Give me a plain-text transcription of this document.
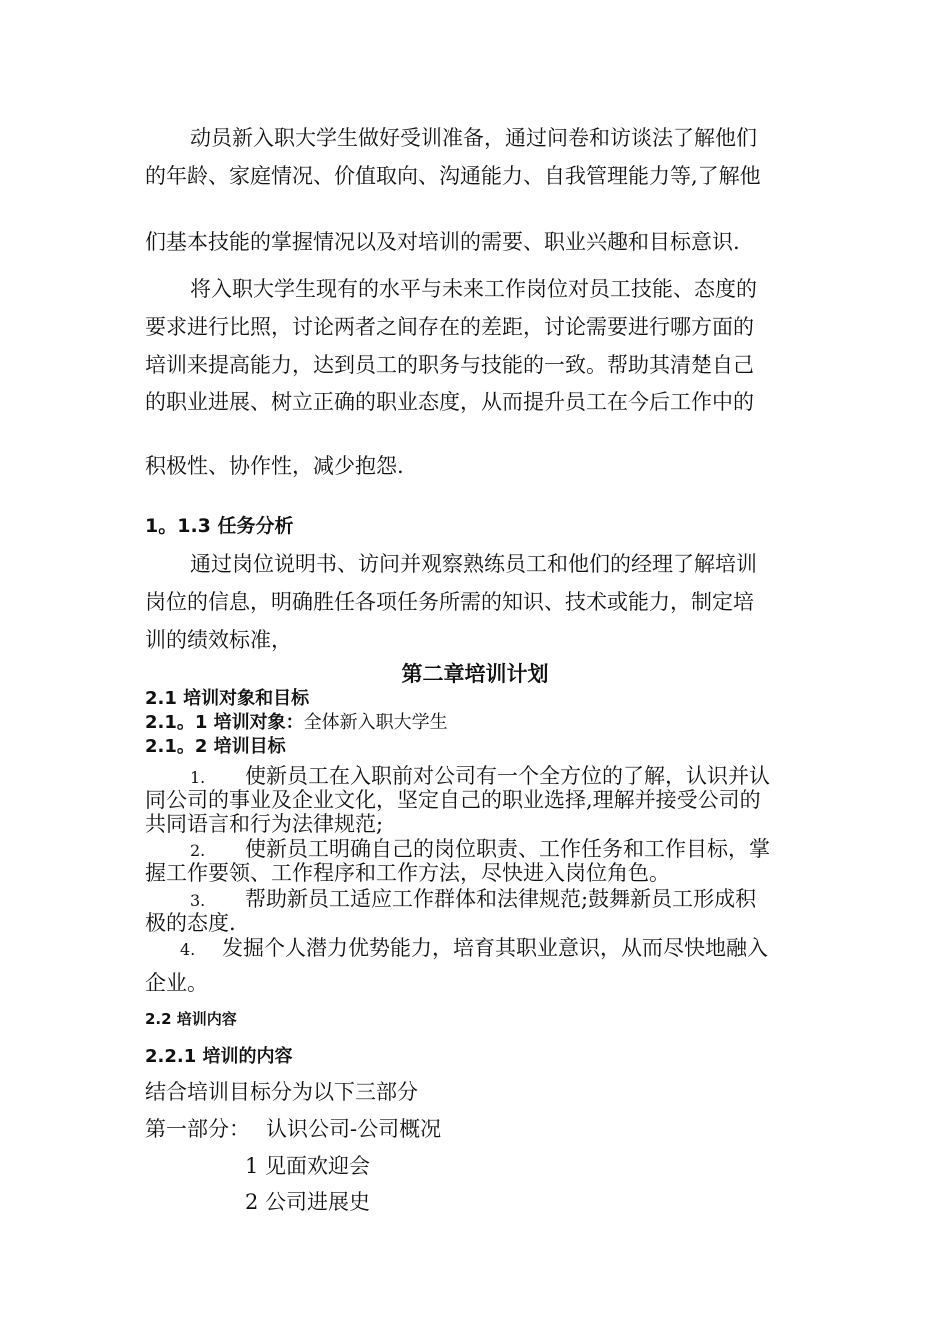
动员新入职大学生做好受训准备，通过问卷和访谈法了解他们
的年龄、家庭情况、价值取向、沟通能力、自我管理能力等,了解他
们基本技能的掌握情况以及对培训的需要、职业兴趣和目标意识.
将入职大学生现有的水平与未来工作岗位对员工技能、态度的
要求进行比照，讨论两者之间存在的差距，讨论需要进行哪方面的
培训来提高能力，达到员工的职务与技能的一致。帮助其清楚自己
的职业进展、树立正确的职业态度，从而提升员工在今后工作中的
积极性、协作性，减少抱怨.
1。1.3 任务分析
通过岗位说明书、访问并观察熟练员工和他们的经理了解培训
岗位的信息，明确胜任各项任务所需的知识、技术或能力，制定培
训的绩效标准，
第二章培训计划
2.1 培训对象和目标
2.1。1 培训对象：全体新入职大学生
2.1。2 培训目标
1. 使新员工在入职前对公司有一个全方位的了解，认识并认
同公司的事业及企业文化，坚定自己的职业选择,理解并接受公司的
共同语言和行为法律规范;
2. 使新员工明确自己的岗位职责、工作任务和工作目标，掌
握工作要领、工作程序和工作方法，尽快进入岗位角色。
3. 帮助新员工适应工作群体和法律规范;鼓舞新员工形成积
极的态度.
4. 发掘个人潜力优势能力，培育其职业意识，从而尽快地融入
企业。
2.2 培训内容
2.2.1 培训的内容
结合培训目标分为以下三部分
第一部分： 认识公司-公司概况
1 见面欢迎会
2 公司进展史
